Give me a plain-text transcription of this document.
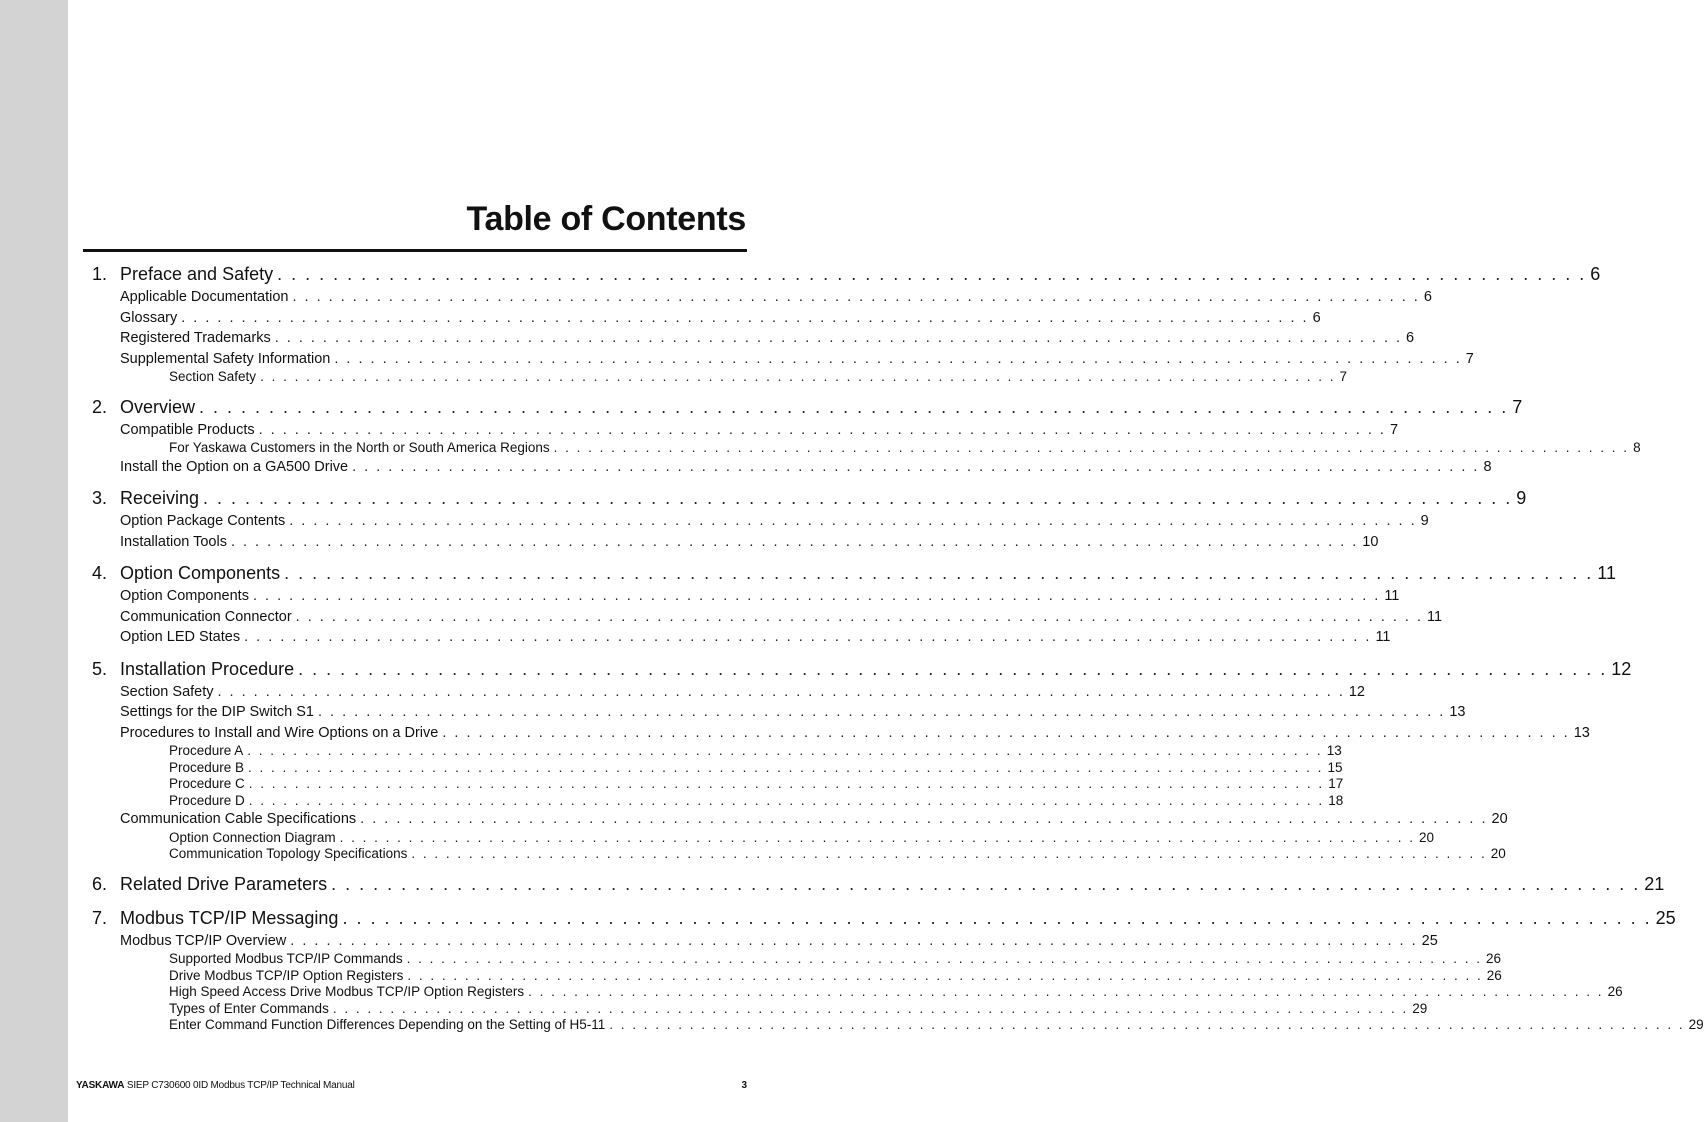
Table of Contents
1. Preface and Safety . . . . . . . . . . . . . . . . . . . . . . . . . . . . . . . . . . . . . . . . . . . . . . . . . . . . . . . . . . . . . . . . . . . . . . . . . . . . . . . . . . . . . . . . . . . . . . 6
Applicable Documentation . . . . . . . . . . . . . . . . . . . . . . . . . . . . . . . . . . . . . . . . . . . . . . . . . . . . . . . . . . . . . . . . . . . . . . . . . . . . . . . . . . . . . . . . . . . . . . 6
Glossary . . . . . . . . . . . . . . . . . . . . . . . . . . . . . . . . . . . . . . . . . . . . . . . . . . . . . . . . . . . . . . . . . . . . . . . . . . . . . . . . . . . . . . . . . . . . . . 6
Registered Trademarks . . . . . . . . . . . . . . . . . . . . . . . . . . . . . . . . . . . . . . . . . . . . . . . . . . . . . . . . . . . . . . . . . . . . . . . . . . . . . . . . . . . . . . . . . . . . . . 6
Supplemental Safety Information . . . . . . . . . . . . . . . . . . . . . . . . . . . . . . . . . . . . . . . . . . . . . . . . . . . . . . . . . . . . . . . . . . . . . . . . . . . . . . . . . . . . . . . . . . . . . . 7
Section Safety . . . . . . . . . . . . . . . . . . . . . . . . . . . . . . . . . . . . . . . . . . . . . . . . . . . . . . . . . . . . . . . . . . . . . . . . . . . . . . . . . . . . . . . . . . . . . . 7
2. Overview . . . . . . . . . . . . . . . . . . . . . . . . . . . . . . . . . . . . . . . . . . . . . . . . . . . . . . . . . . . . . . . . . . . . . . . . . . . . . . . . . . . . . . . . . . . . . . 7
Compatible Products . . . . . . . . . . . . . . . . . . . . . . . . . . . . . . . . . . . . . . . . . . . . . . . . . . . . . . . . . . . . . . . . . . . . . . . . . . . . . . . . . . . . . . . . . . . . . . 7
For Yaskawa Customers in the North or South America Regions . . . . . . . . . . . . . . . . . . . . . . . . . . . . . . . . . . . . . . . . . . . . . . . . . . . . . . . . . . . . . . . . . . . . . . . . . . . . . . . . . . . . . . . . . . . . . . 8
Install the Option on a GA500 Drive . . . . . . . . . . . . . . . . . . . . . . . . . . . . . . . . . . . . . . . . . . . . . . . . . . . . . . . . . . . . . . . . . . . . . . . . . . . . . . . . . . . . . . . . . . . . . . 8
3. Receiving . . . . . . . . . . . . . . . . . . . . . . . . . . . . . . . . . . . . . . . . . . . . . . . . . . . . . . . . . . . . . . . . . . . . . . . . . . . . . . . . . . . . . . . . . . . . . . 9
Option Package Contents . . . . . . . . . . . . . . . . . . . . . . . . . . . . . . . . . . . . . . . . . . . . . . . . . . . . . . . . . . . . . . . . . . . . . . . . . . . . . . . . . . . . . . . . . . . . . . 9
Installation Tools . . . . . . . . . . . . . . . . . . . . . . . . . . . . . . . . . . . . . . . . . . . . . . . . . . . . . . . . . . . . . . . . . . . . . . . . . . . . . . . . . . . . . . . . . . . . . . 10
4. Option Components . . . . . . . . . . . . . . . . . . . . . . . . . . . . . . . . . . . . . . . . . . . . . . . . . . . . . . . . . . . . . . . . . . . . . . . . . . . . . . . . . . . . . . . . . . . . . . 11
Option Components . . . . . . . . . . . . . . . . . . . . . . . . . . . . . . . . . . . . . . . . . . . . . . . . . . . . . . . . . . . . . . . . . . . . . . . . . . . . . . . . . . . . . . . . . . . . . . 11
Communication Connector . . . . . . . . . . . . . . . . . . . . . . . . . . . . . . . . . . . . . . . . . . . . . . . . . . . . . . . . . . . . . . . . . . . . . . . . . . . . . . . . . . . . . . . . . . . . . . 11
Option LED States . . . . . . . . . . . . . . . . . . . . . . . . . . . . . . . . . . . . . . . . . . . . . . . . . . . . . . . . . . . . . . . . . . . . . . . . . . . . . . . . . . . . . . . . . . . . . . 11
5. Installation Procedure . . . . . . . . . . . . . . . . . . . . . . . . . . . . . . . . . . . . . . . . . . . . . . . . . . . . . . . . . . . . . . . . . . . . . . . . . . . . . . . . . . . . . . . . . . . . . . 12
Section Safety . . . . . . . . . . . . . . . . . . . . . . . . . . . . . . . . . . . . . . . . . . . . . . . . . . . . . . . . . . . . . . . . . . . . . . . . . . . . . . . . . . . . . . . . . . . . . . 12
Settings for the DIP Switch S1 . . . . . . . . . . . . . . . . . . . . . . . . . . . . . . . . . . . . . . . . . . . . . . . . . . . . . . . . . . . . . . . . . . . . . . . . . . . . . . . . . . . . . . . . . . . . . . 13
Procedures to Install and Wire Options on a Drive . . . . . . . . . . . . . . . . . . . . . . . . . . . . . . . . . . . . . . . . . . . . . . . . . . . . . . . . . . . . . . . . . . . . . . . . . . . . . . . . . . . . . . . . . . . . . . 13
Procedure A . . . . . . . . . . . . . . . . . . . . . . . . . . . . . . . . . . . . . . . . . . . . . . . . . . . . . . . . . . . . . . . . . . . . . . . . . . . . . . . . . . . . . . . . . . . . . . 13
Procedure B . . . . . . . . . . . . . . . . . . . . . . . . . . . . . . . . . . . . . . . . . . . . . . . . . . . . . . . . . . . . . . . . . . . . . . . . . . . . . . . . . . . . . . . . . . . . . . 15
Procedure C . . . . . . . . . . . . . . . . . . . . . . . . . . . . . . . . . . . . . . . . . . . . . . . . . . . . . . . . . . . . . . . . . . . . . . . . . . . . . . . . . . . . . . . . . . . . . . 17
Procedure D . . . . . . . . . . . . . . . . . . . . . . . . . . . . . . . . . . . . . . . . . . . . . . . . . . . . . . . . . . . . . . . . . . . . . . . . . . . . . . . . . . . . . . . . . . . . . . 18
Communication Cable Specifications . . . . . . . . . . . . . . . . . . . . . . . . . . . . . . . . . . . . . . . . . . . . . . . . . . . . . . . . . . . . . . . . . . . . . . . . . . . . . . . . . . . . . . . . . . . . . . 20
Option Connection Diagram . . . . . . . . . . . . . . . . . . . . . . . . . . . . . . . . . . . . . . . . . . . . . . . . . . . . . . . . . . . . . . . . . . . . . . . . . . . . . . . . . . . . . . . . . . . . . . 20
Communication Topology Specifications . . . . . . . . . . . . . . . . . . . . . . . . . . . . . . . . . . . . . . . . . . . . . . . . . . . . . . . . . . . . . . . . . . . . . . . . . . . . . . . . . . . . . . . . . . . . . . 20
6. Related Drive Parameters . . . . . . . . . . . . . . . . . . . . . . . . . . . . . . . . . . . . . . . . . . . . . . . . . . . . . . . . . . . . . . . . . . . . . . . . . . . . . . . . . . . . . . . . . . . . . . 21
7. Modbus TCP/IP Messaging . . . . . . . . . . . . . . . . . . . . . . . . . . . . . . . . . . . . . . . . . . . . . . . . . . . . . . . . . . . . . . . . . . . . . . . . . . . . . . . . . . . . . . . . . . . . . . 25
Modbus TCP/IP Overview . . . . . . . . . . . . . . . . . . . . . . . . . . . . . . . . . . . . . . . . . . . . . . . . . . . . . . . . . . . . . . . . . . . . . . . . . . . . . . . . . . . . . . . . . . . . . . 25
Supported Modbus TCP/IP Commands . . . . . . . . . . . . . . . . . . . . . . . . . . . . . . . . . . . . . . . . . . . . . . . . . . . . . . . . . . . . . . . . . . . . . . . . . . . . . . . . . . . . . . . . . . . . . . 26
Drive Modbus TCP/IP Option Registers . . . . . . . . . . . . . . . . . . . . . . . . . . . . . . . . . . . . . . . . . . . . . . . . . . . . . . . . . . . . . . . . . . . . . . . . . . . . . . . . . . . . . . . . . . . . . . 26
High Speed Access Drive Modbus TCP/IP Option Registers . . . . . . . . . . . . . . . . . . . . . . . . . . . . . . . . . . . . . . . . . . . . . . . . . . . . . . . . . . . . . . . . . . . . . . . . . . . . . . . . . . . . . . . . . . . . . . 26
Types of Enter Commands . . . . . . . . . . . . . . . . . . . . . . . . . . . . . . . . . . . . . . . . . . . . . . . . . . . . . . . . . . . . . . . . . . . . . . . . . . . . . . . . . . . . . . . . . . . . . . 29
Enter Command Function Differences Depending on the Setting of H5-11 . . . . . . . . . . . . . . . . . . . . . . . . . . . . . . . . . . . . . . . . . . . . . . . . . . . . . . . . . . . . . . . . . . . . . . . . . . . . . . . . . . . . . . . . . . . . . . 29
YASKAWA SIEP C730600 0ID Modbus TCP/IP Technical Manual	3
